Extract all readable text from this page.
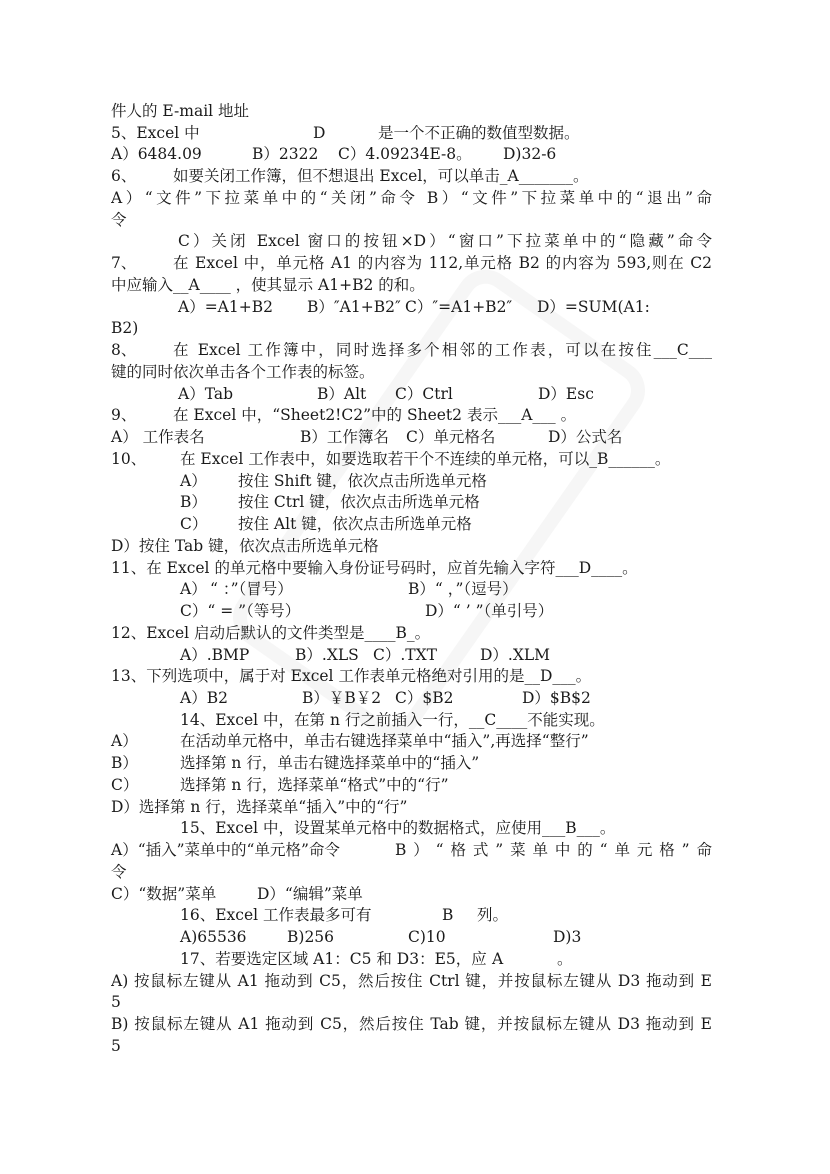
件人的 E-mail 地址
5、Excel 中	D	是一个不正确的数值型数据。
A）6484.09	B）2322 C）4.09234E-8。 D)32-6
6、 如要关闭工作簿，但不想退出 Excel，可以单击_A_______。
A）“文件”下拉菜单中的“关闭”命令 B）“文件”下拉菜单中的“退出”命
令
C）关闭 Excel 窗口的按钮×D）“窗口”下拉菜单中的“隐藏”命令
7、 在 Excel 中，单元格 A1 的内容为 112,单元格 B2 的内容为 593,则在 C2
中应输入__A____ ，使其显示 A1+B2 的和。
A）=A1+B2 B）″A1+B2″ C）″=A1+B2″ D）=SUM(A1:
B2)
8、 在 Excel 工作簿中，同时选择多个相邻的工作表，可以在按住___C___
键的同时依次单击各个工作表的标签。
A）Tab	B）Alt C）Ctrl	D）Esc
9、 在 Excel 中，“Sheet2!C2”中的 Sheet2 表示___A___ 。
A） 工作表名	B）工作簿名 C）单元格名	D）公式名
10、 在 Excel 工作表中，如要选取若干个不连续的单元格，可以_B______。
A） 按住 Shift 键，依次点击所选单元格
B） 按住 Ctrl 键，依次点击所选单元格
C） 按住 Alt 键，依次点击所选单元格
D）按住 Tab 键，依次点击所选单元格
11、在 Excel 的单元格中要输入身份证号码时，应首先输入字符___D____。
A） “ ：”（冒号）	B）“ ，”（逗号）
C）“ = ”（等号）	D）“ ’ ”（单引号）
12、Excel 启动后默认的文件类型是____B_。
A）.BMP	B）.XLS C）.TXT	D）.XLM
13、下列选项中，属于对 Excel 工作表单元格绝对引用的是__D___。
A）B2	B）￥B￥2 C）$B2	D）$B$2
14、Excel 中，在第 n 行之前插入一行，__C____不能实现。
A）	在活动单元格中，单击右键选择菜单中“插入”,再选择“整行”
B）	选择第 n 行，单击右键选择菜单中的“插入”
C）	选择第 n 行，选择菜单“格式”中的“行”
D）选择第 n 行，选择菜单“插入”中的“行”
15、Excel 中，设置某单元格中的数据格式，应使用___B___。
A）“插入”菜单中的“单元格”命令	B）“格式”菜单中的“单元格”命
令
C）“数据”菜单	D）“编辑”菜单
16、Excel 工作表最多可有	B 列。
A)65536	B)256	C)10	D)3
17、若要选定区域 A1：C5 和 D3：E5，应 A	。
A) 按鼠标左键从 A1 拖动到 C5，然后按住 Ctrl 键，并按鼠标左键从 D3 拖动到 E
5
B) 按鼠标左键从 A1 拖动到 C5，然后按住 Tab 键，并按鼠标左键从 D3 拖动到 E
5
